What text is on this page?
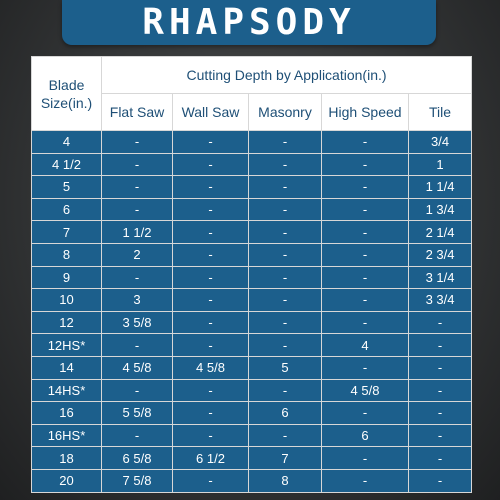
RHAPSODY
Blade
Size(in.)	Cutting Depth by Application(in.)				
	Flat Saw	Wall Saw	Masonry	High Speed	Tile
4	-	-	-	-	3/4
4 1/2	-	-	-	-	1
5	-	-	-	-	1 1/4
6	-	-	-	-	1 3/4
7	1 1/2	-	-	-	2 1/4
8	2	-	-	-	2 3/4
9	-	-	-	-	3 1/4
10	3	-	-	-	3 3/4
12	3 5/8	-	-	-	-
12HS*	-	-	-	4	-
14	4 5/8	4 5/8	5	-	-
14HS*	-	-	-	4 5/8	-
16	5 5/8	-	6	-	-
16HS*	-	-	-	6	-
18	6 5/8	6 1/2	7	-	-
20	7 5/8	-	8	-	-
